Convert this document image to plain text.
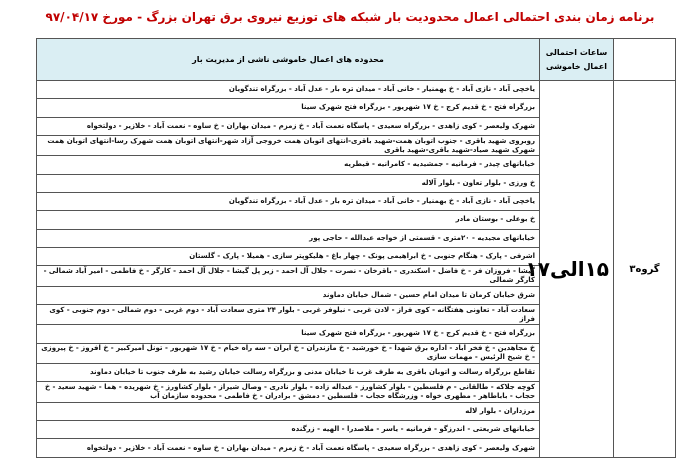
برنامه زمان بندی احتمالی اعمال محدودیت بار شبکه های توزیع نیروی برق تهران بزرگ - مورخ ۹۷/۰۴/۱۷
	ساعات احتمالی اعمال خاموشی	محدوده های اعمال خاموشی ناشی از مدیریت بار
گروه۳	۱۵الی۱۷	یاخچی آباد - نازی آباد - خ بهمنیار - خانی آباد - میدان تره بار - عدل آباد - بزرگراه تندگویان
		بزرگراه فتح - خ قدیم کرج - خ ۱۷ شهریور - بزرگراه فتح شهرک سینا
		شهرک ولیعصر - کوی زاهدی - بزرگراه سعیدی - پاسگاه نعمت آباد - خ زمزم - میدان بهاران - خ ساوه - نعمت آباد - خلازیر - دولتخواه
		روبروی شهید باقری - جنوب اتوبان همت-شهید باقری-انتهای اتوبان همت خروجی آزاد شهر-انتهای اتوبان همت شهرک رسا-انتهای اتوبان همت شهرک شهید صیاد-شهید باقری-شهید باقری
		خیابانهای چیذر - فرمانیه - جمشیدیه - کامرانیه - قیطریه
		خ ورزی - بلوار تعاون - بلوار آلاله
		یاخچی آباد - نازی آباد - خ بهمنیار - خانی آباد - میدان تره بار - عدل آباد - بزرگراه تندگویان
		خ بوعلی - بوستان مادر
		خیابانهای مجیدیه - ۲۰متری - قسمتی از خواجه عبدالله - حاجی پور
		اشرفی - پارک - هنگام جنوبی - خ ابراهیمی پونک - چهار باغ - هلیکوپتر سازی - همیلا - پارک - گلستان
		گیشا - فروزان فر - خ فاضل - اسکندری - باقرخان - نصرت - جلال آل احمد - زیر پل گیشا - جلال آل احمد - کارگر - خ فاطمی - امیر آباد شمالی - کارگر شمالی
		شرق خیابان کرمان تا میدان امام حسین - شمال خیابان دماوند
		سعادت آباد - تعاونی هفتگانه - کوی فراز - لادن غربی - نیلوفر غربی - بلوار ۲۴ متری سعادت آباد - دوم غربی - دوم شمالی - دوم جنوبی - کوی فراز
		بزرگراه فتح - خ قدیم کرج - خ ۱۷ شهریور - بزرگراه فتح شهرک سینا
		خ مجاهدین - خ فخر آباد - اداره برق شهدا - خ خورشید - خ مازندران - خ ایران - سه راه خیام - خ ۱۷ شهریور - تونل امیرکبیر - خ افروز - خ پیروزی - خ شیخ الرئیس - مهمات سازی
		تقاطع بزرگراه رسالت و اتوبان باقری به طرف غرب تا خیابان مدنی و بزرگراه رسالت خیابان رشید به طرف جنوب تا خیابان دماوند
		کوچه جلاکه - طالقانی - م فلسطین - بلوار کشاورز - عبداله زاده - بلوار نادری - وصال شیراز - بلوار کشاورز - خ شهریده - هما - شهید سعید - خ حجاب - باباطاهر - مطهری خواه - وزرشگاه حجاب - فلسطین - دمشق - برادران - خ فاطمی - محدوده سازمان آب
		مرزداران - بلوار لاله
		خیابانهای شریعتی - اندرزگو - فرمانیه - یاسر - ملاصدرا - الهیه - زرگنده
		شهرک ولیعصر - کوی زاهدی - بزرگراه سعیدی - پاسگاه نعمت آباد - خ زمزم - میدان بهاران - خ ساوه - نعمت آباد - خلازیر - دولتخواه
